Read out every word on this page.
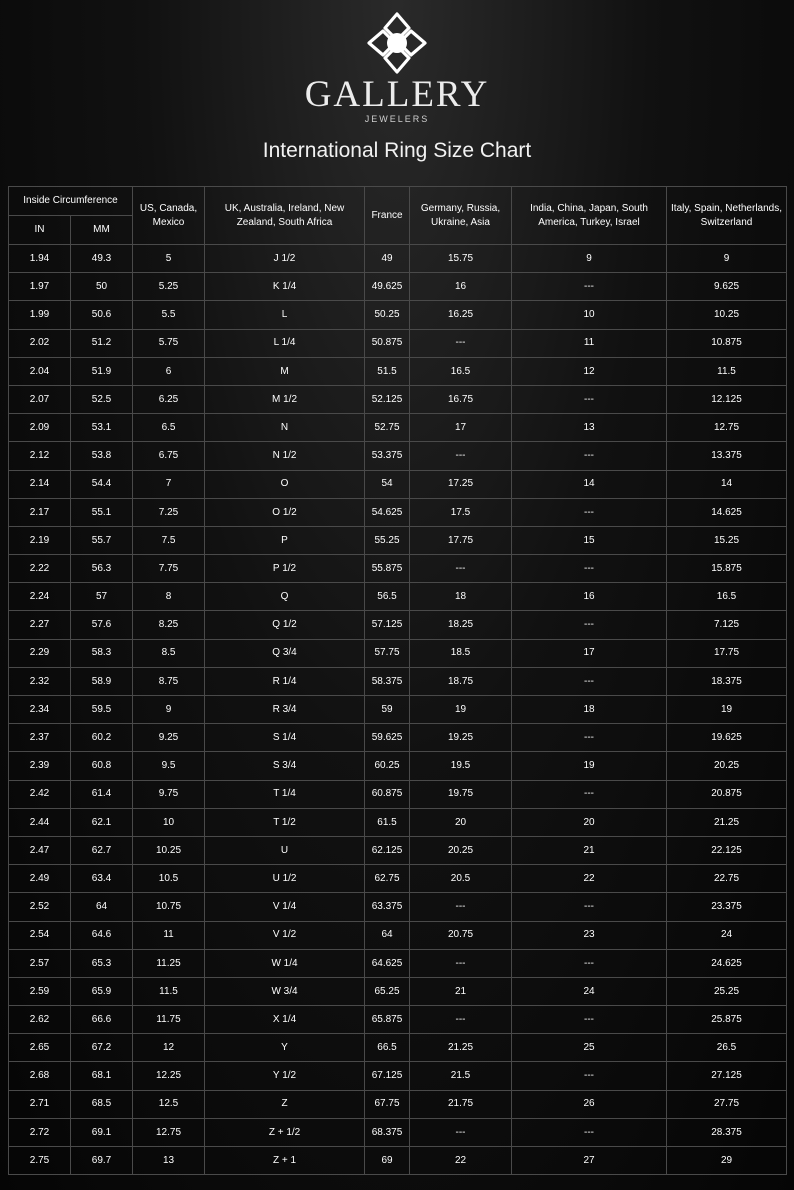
GALLERY
JEWELERS
International Ring Size Chart
Inside Circumference		US, Canada, Mexico	UK, Australia, Ireland, New Zealand, South Africa	France	Germany, Russia, Ukraine, Asia	India, China, Japan, South America, Turkey, Israel	Italy, Spain, Netherlands, Switzerland
IN	MM						
1.94	49.3	5	J 1/2	49	15.75	9	9
1.97	50	5.25	K 1/4	49.625	16	---	9.625
1.99	50.6	5.5	L	50.25	16.25	10	10.25
2.02	51.2	5.75	L 1/4	50.875	---	11	10.875
2.04	51.9	6	M	51.5	16.5	12	11.5
2.07	52.5	6.25	M 1/2	52.125	16.75	---	12.125
2.09	53.1	6.5	N	52.75	17	13	12.75
2.12	53.8	6.75	N 1/2	53.375	---	---	13.375
2.14	54.4	7	O	54	17.25	14	14
2.17	55.1	7.25	O 1/2	54.625	17.5	---	14.625
2.19	55.7	7.5	P	55.25	17.75	15	15.25
2.22	56.3	7.75	P 1/2	55.875	---	---	15.875
2.24	57	8	Q	56.5	18	16	16.5
2.27	57.6	8.25	Q 1/2	57.125	18.25	---	7.125
2.29	58.3	8.5	Q 3/4	57.75	18.5	17	17.75
2.32	58.9	8.75	R 1/4	58.375	18.75	---	18.375
2.34	59.5	9	R 3/4	59	19	18	19
2.37	60.2	9.25	S 1/4	59.625	19.25	---	19.625
2.39	60.8	9.5	S 3/4	60.25	19.5	19	20.25
2.42	61.4	9.75	T 1/4	60.875	19.75	---	20.875
2.44	62.1	10	T 1/2	61.5	20	20	21.25
2.47	62.7	10.25	U	62.125	20.25	21	22.125
2.49	63.4	10.5	U 1/2	62.75	20.5	22	22.75
2.52	64	10.75	V 1/4	63.375	---	---	23.375
2.54	64.6	11	V 1/2	64	20.75	23	24
2.57	65.3	11.25	W 1/4	64.625	---	---	24.625
2.59	65.9	11.5	W 3/4	65.25	21	24	25.25
2.62	66.6	11.75	X 1/4	65.875	---	---	25.875
2.65	67.2	12	Y	66.5	21.25	25	26.5
2.68	68.1	12.25	Y 1/2	67.125	21.5	---	27.125
2.71	68.5	12.5	Z	67.75	21.75	26	27.75
2.72	69.1	12.75	Z + 1/2	68.375	---	---	28.375
2.75	69.7	13	Z + 1	69	22	27	29
